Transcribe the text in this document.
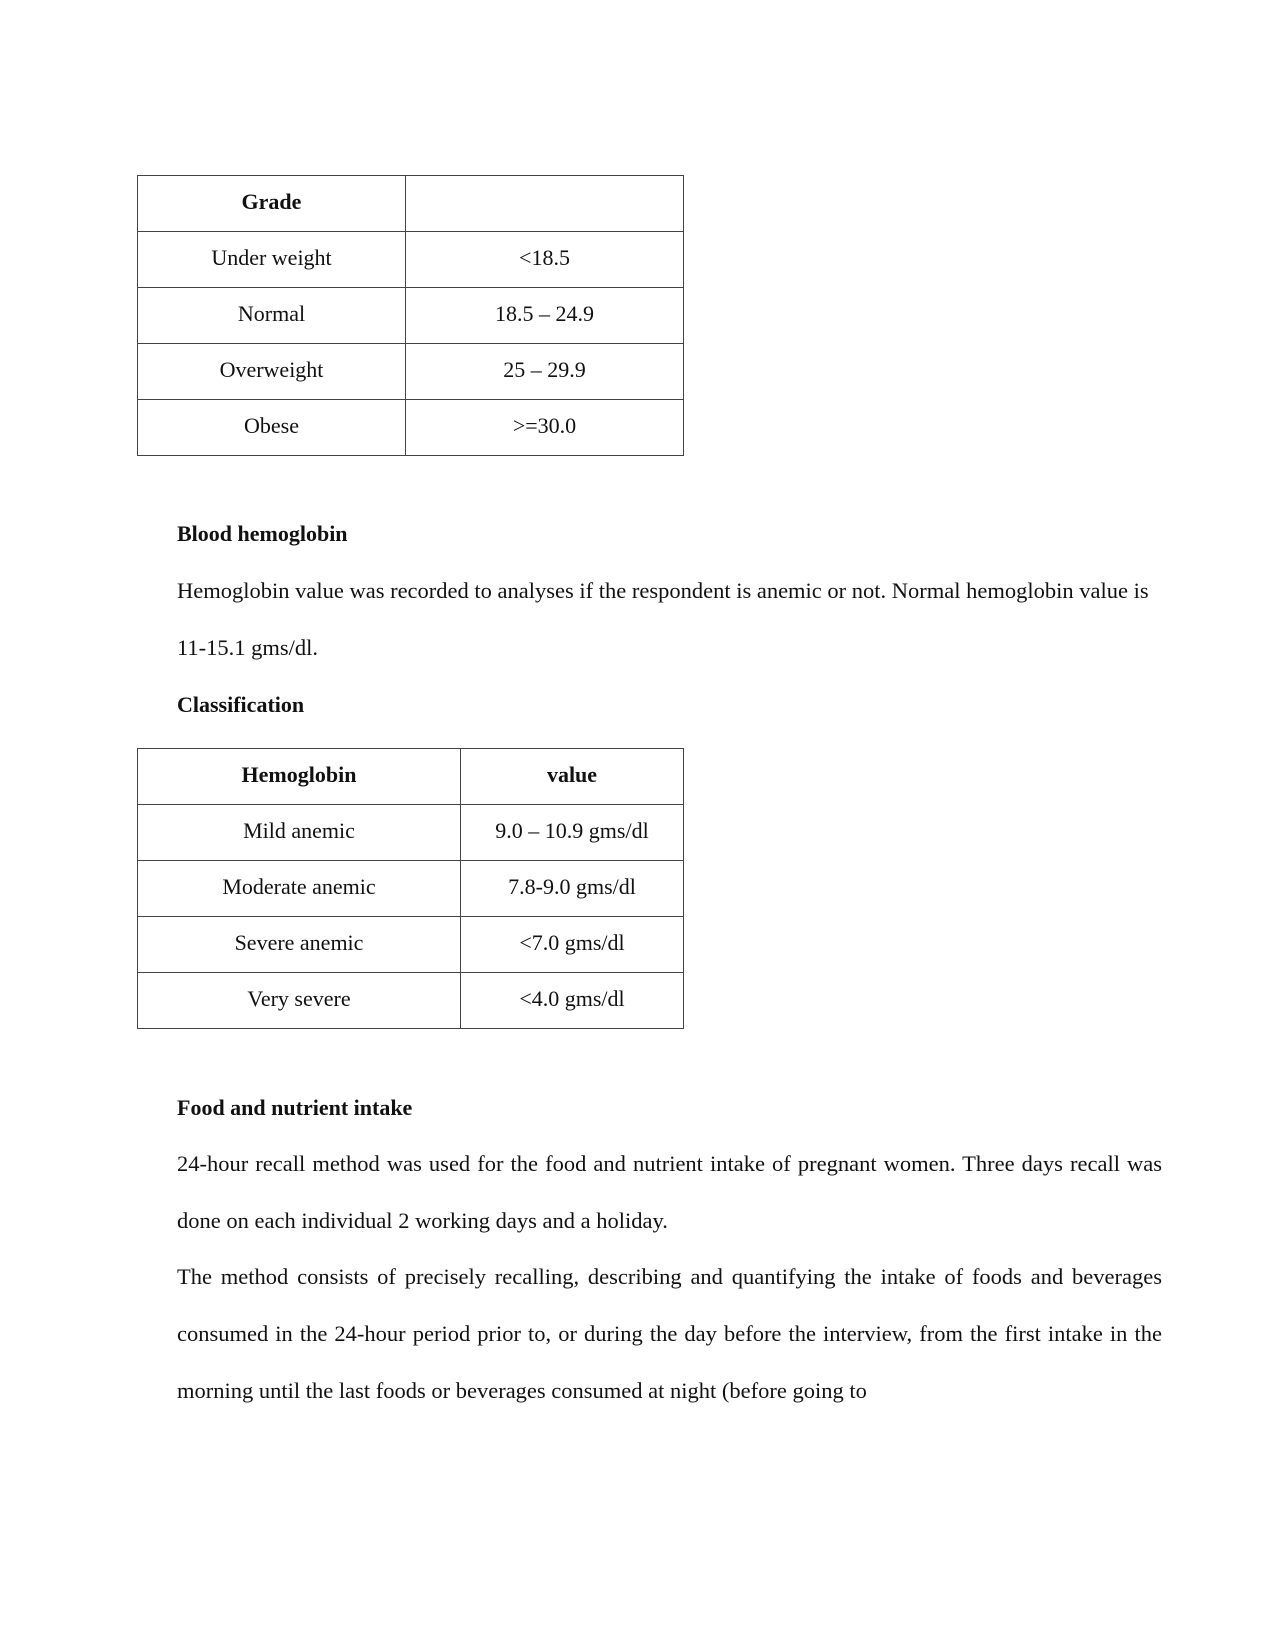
Grade	

Under weight	<18.5

Normal	18.5 – 24.9

Overweight	25 – 29.9

Obese	>=30.0
Blood hemoglobin

Hemoglobin value was recorded to analyses if the respondent is anemic or not. Normal hemoglobin value is 11-15.1 gms/dl.

Classification
Hemoglobin	value

Mild anemic	9.0 – 10.9 gms/dl

Moderate anemic	7.8-9.0 gms/dl

Severe anemic	<7.0 gms/dl

Very severe	<4.0 gms/dl
Food and nutrient intake

24-hour recall method was used for the food and nutrient intake of pregnant women. Three days recall was done on each individual 2 working days and a holiday.

The method consists of precisely recalling, describing and quantifying the intake of foods and beverages consumed in the 24-hour period prior to, or during the day before the interview, from the first intake in the morning until the last foods or beverages consumed at night (before going to
